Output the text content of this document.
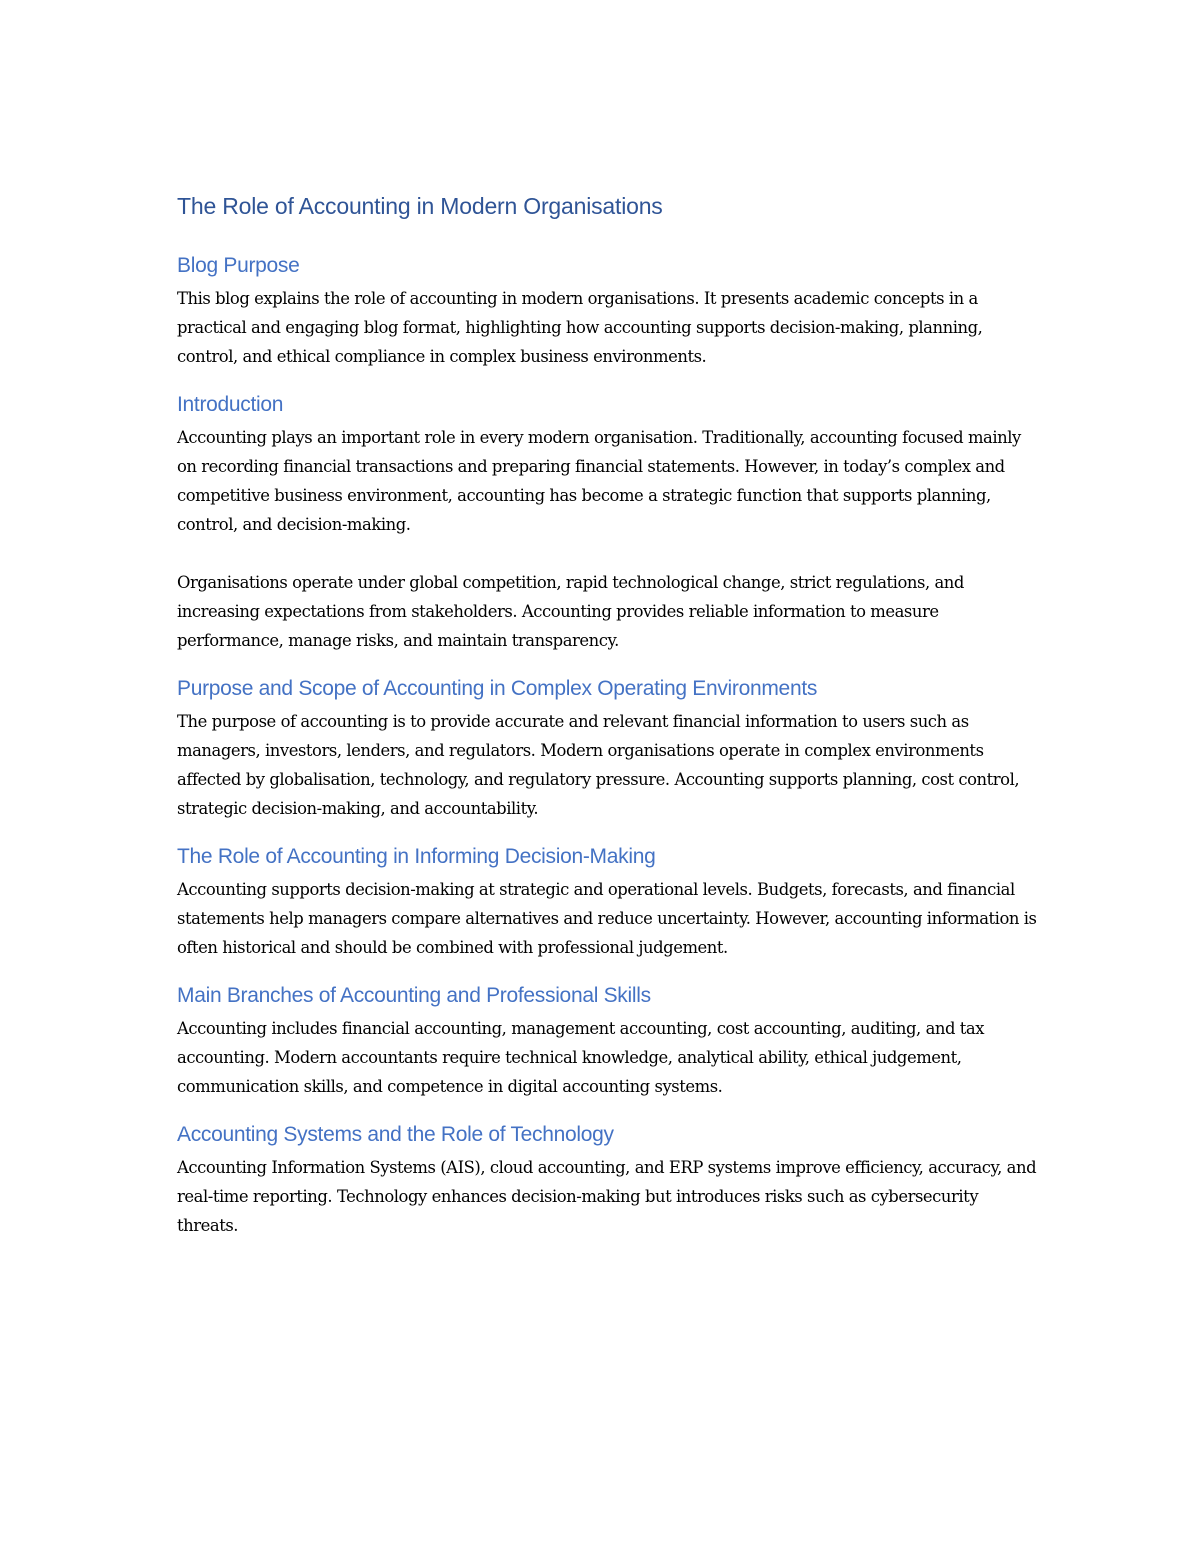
The Role of Accounting in Modern Organisations
Blog Purpose

This blog explains the role of accounting in modern organisations. It presents academic concepts in a practical and engaging blog format, highlighting how accounting supports decision-making, planning, control, and ethical compliance in complex business environments.

Introduction

Accounting plays an important role in every modern organisation. Traditionally, accounting focused mainly on recording financial transactions and preparing financial statements. However, in today’s complex and competitive business environment, accounting has become a strategic function that supports planning, control, and decision-making.

Organisations operate under global competition, rapid technological change, strict regulations, and increasing expectations from stakeholders. Accounting provides reliable information to measure performance, manage risks, and maintain transparency.

Purpose and Scope of Accounting in Complex Operating Environments

The purpose of accounting is to provide accurate and relevant financial information to users such as managers, investors, lenders, and regulators. Modern organisations operate in complex environments affected by globalisation, technology, and regulatory pressure. Accounting supports planning, cost control, strategic decision-making, and accountability.

The Role of Accounting in Informing Decision-Making

Accounting supports decision-making at strategic and operational levels. Budgets, forecasts, and financial statements help managers compare alternatives and reduce uncertainty. However, accounting information is often historical and should be combined with professional judgement.

Main Branches of Accounting and Professional Skills

Accounting includes financial accounting, management accounting, cost accounting, auditing, and tax accounting. Modern accountants require technical knowledge, analytical ability, ethical judgement, communication skills, and competence in digital accounting systems.

Accounting Systems and the Role of Technology

Accounting Information Systems (AIS), cloud accounting, and ERP systems improve efficiency, accuracy, and real-time reporting. Technology enhances decision-making but introduces risks such as cybersecurity threats.
